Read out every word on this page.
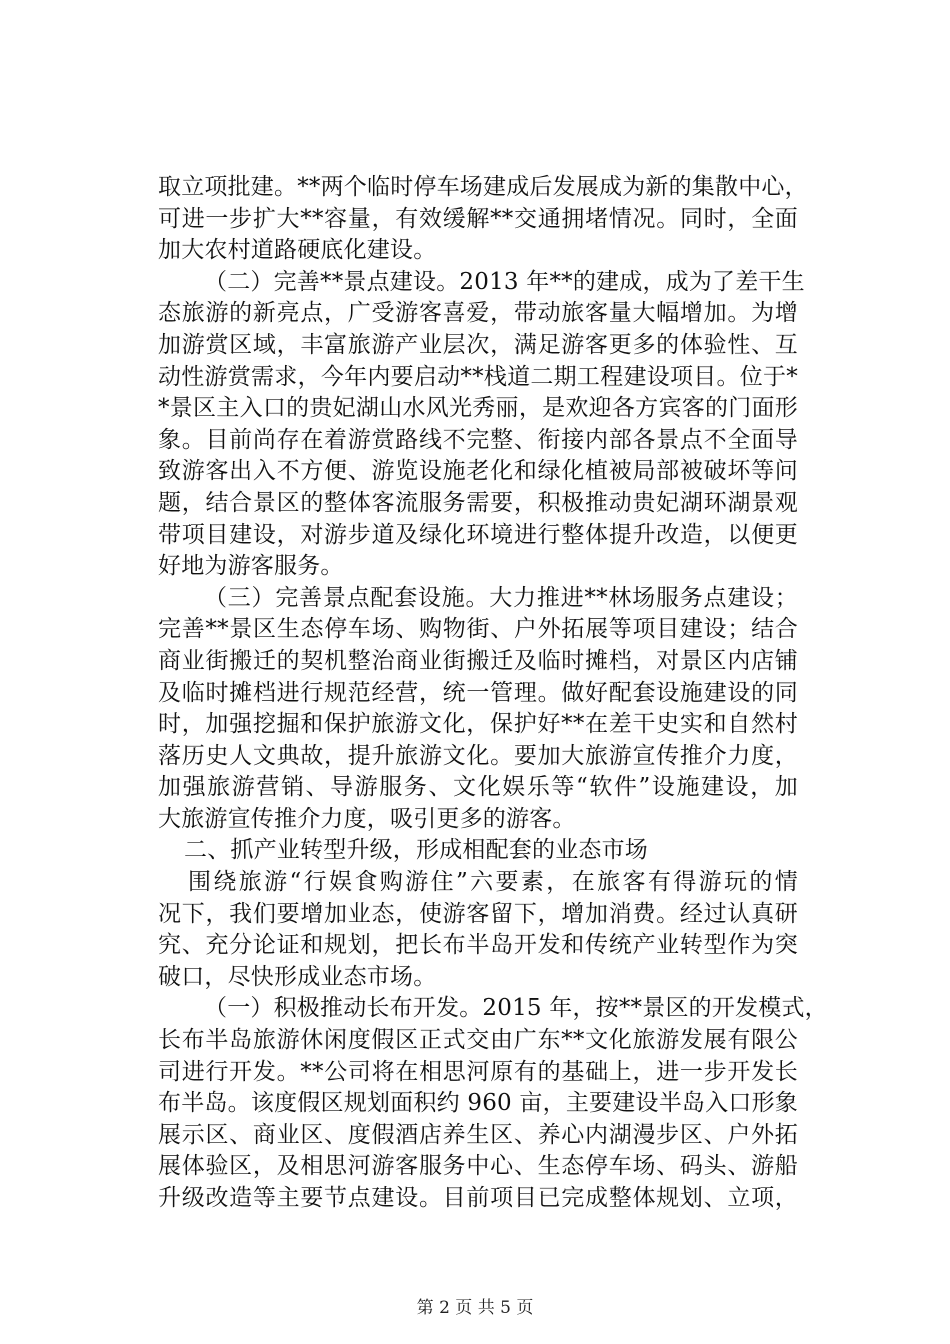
取立项批建。**两个临时停车场建成后发展成为新的集散中心，
可进一步扩大**容量，有效缓解**交通拥堵情况。同时，全面
加大农村道路硬底化建设。
（二）完善**景点建设。2013 年**的建成，成为了差干生
态旅游的新亮点，广受游客喜爱，带动旅客量大幅增加。为增
加游赏区域，丰富旅游产业层次，满足游客更多的体验性、互
动性游赏需求，今年内要启动**栈道二期工程建设项目。位于*
*景区主入口的贵妃湖山水风光秀丽，是欢迎各方宾客的门面形
象。目前尚存在着游赏路线不完整、衔接内部各景点不全面导
致游客出入不方便、游览设施老化和绿化植被局部被破坏等问
题，结合景区的整体客流服务需要，积极推动贵妃湖环湖景观
带项目建设，对游步道及绿化环境进行整体提升改造，以便更
好地为游客服务。
（三）完善景点配套设施。大力推进**林场服务点建设；
完善**景区生态停车场、购物街、户外拓展等项目建设；结合
商业街搬迁的契机整治商业街搬迁及临时摊档，对景区内店铺
及临时摊档进行规范经营，统一管理。做好配套设施建设的同
时，加强挖掘和保护旅游文化，保护好**在差干史实和自然村
落历史人文典故，提升旅游文化。要加大旅游宣传推介力度，
加强旅游营销、导游服务、文化娱乐等“软件”设施建设，加
大旅游宣传推介力度，吸引更多的游客。
二、抓产业转型升级，形成相配套的业态市场
围绕旅游“行娱食购游住”六要素，在旅客有得游玩的情
况下，我们要增加业态，使游客留下，增加消费。经过认真研
究、充分论证和规划，把长布半岛开发和传统产业转型作为突
破口，尽快形成业态市场。
（一）积极推动长布开发。2015 年，按**景区的开发模式，
长布半岛旅游休闲度假区正式交由广东**文化旅游发展有限公
司进行开发。**公司将在相思河原有的基础上，进一步开发长
布半岛。该度假区规划面积约 960 亩，主要建设半岛入口形象
展示区、商业区、度假酒店养生区、养心内湖漫步区、户外拓
展体验区，及相思河游客服务中心、生态停车场、码头、游船
升级改造等主要节点建设。目前项目已完成整体规划、立项，
第 2 页 共 5 页
